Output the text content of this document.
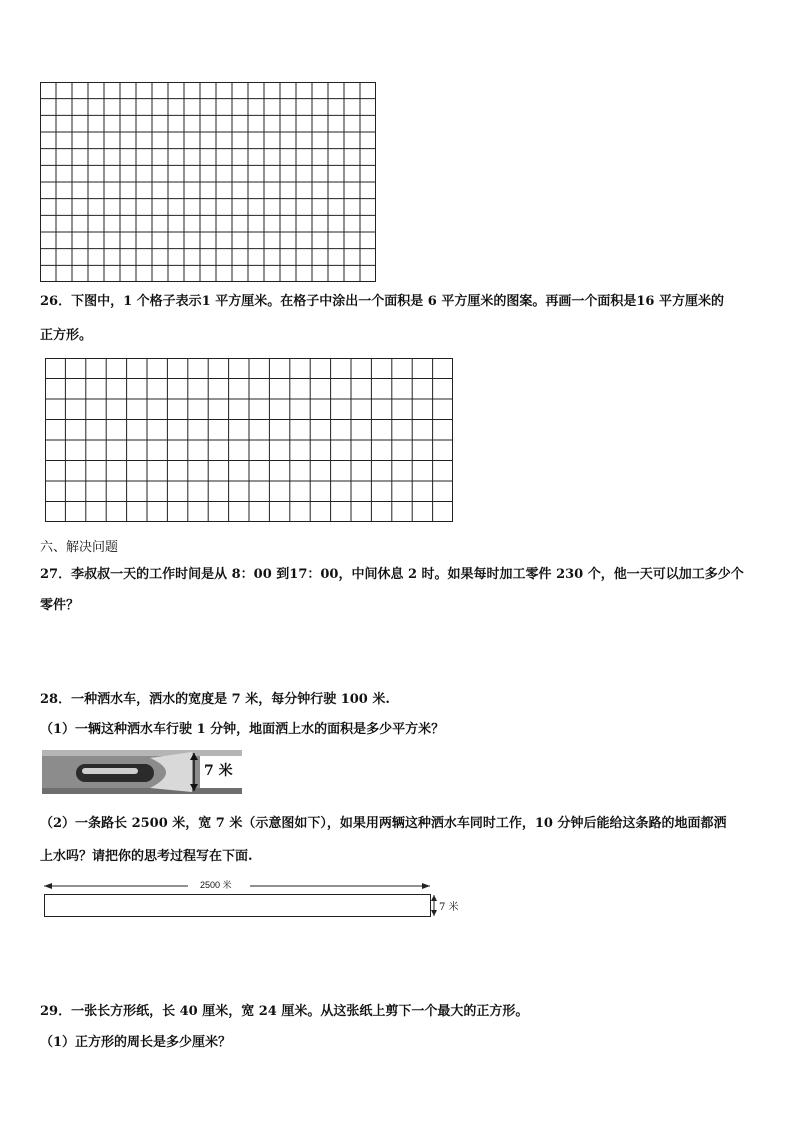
26．下图中，1 个格子表示1 平方厘米。在格子中涂出一个面积是 6 平方厘米的图案。再画一个面积是16 平方厘米的
正方形。
六、解决问题
27．李叔叔一天的工作时间是从 8：00 到17：00，中间休息 2 时。如果每时加工零件 230 个，他一天可以加工多少个
零件？
28．一种洒水车，洒水的宽度是 7 米，每分钟行驶 100 米.
（1）一辆这种洒水车行驶 1 分钟，地面洒上水的面积是多少平方米？
7 米
（2）一条路长 2500 米，宽 7 米（示意图如下），如果用两辆这种洒水车同时工作，10 分钟后能给这条路的地面都洒
上水吗？请把你的思考过程写在下面.
2500 米
7 米
29．一张长方形纸，长 40 厘米，宽 24 厘米。从这张纸上剪下一个最大的正方形。
（1）正方形的周长是多少厘米？
